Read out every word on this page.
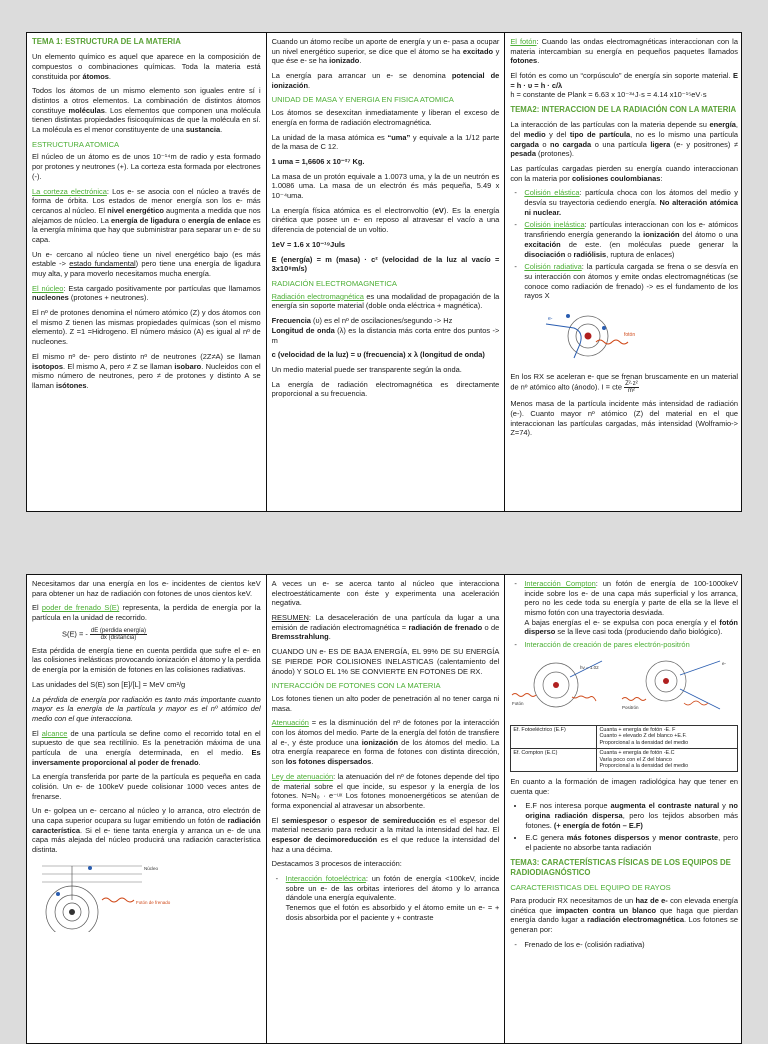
TEMA 1: ESTRUCTURA DE LA MATERIA

Un elemento químico es aquel que aparece en la composición de compuestos o combinaciones químicas. Toda la materia está constituida por átomos.

Todos los átomos de un mismo elemento son iguales entre sí i distintos a otros elementos. La combinación de distintos átomos constituye moléculas. Los elementos que componen una molécula tienen distintas propiedades fisicoquímicas de que la molécula en sí. La molécula es el menor constituyente de una sustancia.

ESTRUCTURA ATOMICA

El núcleo de un átomo es de unos 10⁻¹⁴m de radio y esta formado por protones y neutrones (+). La corteza esta formada por electrones (-).

La corteza electrónica: Los e- se asocia con el núcleo a través de forma de órbita. Los estados de menor energía son los e- más cercanos al núcleo. El nivel energético augmenta a medida que nos alejamos de núcleo. La energía de ligadura o energía de enlace es la energía mínima que hay que subministrar para separar un e- de su capa.

Un e- cercano al núcleo tiene un nivel energético bajo (es más estable -> estado fundamental) pero tiene una energía de ligadura muy alta, y para moverlo necesitamos mucha energía.

El núcleo: Esta cargado positivamente por partículas que llamamos nucleones (protones + neutrones).

El nº de protones denomina el número atómico (Z) y dos átomos con el mismo Z tienen las mismas propiedades químicas (son el mismo elemento). Z =1 =Hidrogeno. El número másico (A) es igual al nº de nucleones.

El mismo nº de- pero distinto nº de neutrones (2Z≠A) se llaman isotopos. El mismo A, pero ≠ Z se llaman isobaro. Nucleidos con el mismo número de neutrones, pero ≠ de protones y distinto A se llaman isótones.

Cuando un átomo recibe un aporte de energía y un e- pasa a ocupar un nivel energético superior, se dice que el átomo se ha excitado y que ése e- se ha ionizado.

La energía para arrancar un e- se denomina potencial de ionización.

UNIDAD DE MASA Y ENERGIA EN FISICA ATOMICA

Los átomos se desexcitan inmediatamente y liberan el exceso de energía en forma de radiación electromagnética.

La unidad de la masa atómica es “uma” y equivale a la 1/12 parte de la masa de C 12.

1 uma = 1,6606 x 10⁻²⁷ Kg.

La masa de un protón equivale a 1.0073 uma, y la de un neutrón es 1.0086 uma. La masa de un electrón és más pequeña, 5.49 x 10⁻⁴uma.

La energía física atómica es el electronvoltio (eV). Es la energía cinética que posee un e- en reposo al atravesar el vacío a una diferencia de potencial de un voltio.

1eV = 1.6 x 10⁻¹⁹Juls

E (energía) = m (masa) · c² (velocidad de la luz al vacío = 3x10⁸m/s)

RADIACIÓN ELECTROMAGNETICA

Radiación electromagnética es una modalidad de propagación de la energía sin soporte material (doble onda eléctrica + magnética).

Frecuencia (υ) es el nº de oscilaciones/segundo -> Hz
Longitud de onda (λ) es la distancia más corta entre dos puntos -> m

c (velocidad de la luz) = υ (frecuencia) x λ (longitud de onda)

Un medio material puede ser transparente según la onda.

La energía de radiación electromagnética es directamente proporcional a su frecuencia.

El fotón: Cuando las ondas electromagnéticas interaccionan con la materia intercambian su energía en pequeños paquetes llamados fotones.

El fotón es como un “corpúsculo” de energía sin soporte material. E = h · υ = h · c/λ
h = constante de Plank = 6.63 x 10⁻³⁴J·s = 4.14 x10⁻¹⁵eV·s

TEMA2: INTERACCION DE LA RADIACIÓN CON LA MATERIA

La interacción de las partículas con la materia depende su energía, del medio y del tipo de partícula, no es lo mismo una partícula cargada o no cargada o una partícula ligera (e- y positrones) ≠ pesada (protones).

Las partículas cargadas pierden su energía cuando interaccionan con la materia por colisiones coulombianas:

- Colisión elástica: partícula choca con los átomos del medio y desvía su trayectoria cediendo energía. No alteración atómica ni nuclear.
- Colisión inelástica: partículas interaccionan con los e- atómicos transfiriendo energía generando la ionización del átomo o una excitación de este. (en moléculas puede generar la disociación o radiólisis, ruptura de enlaces)
- Colisión radiativa: la partícula cargada se frena o se desvía en su interacción con átomos y emite ondas electromagnéticas (se conoce como radiación de frenado) -> es el fundamento de los rayos X
fotón
e-

En los RX se aceleran e- que se frenan bruscamente en un material de nº atómico alto (ánodo). I = cte $\frac{\text{Z²·z²}}{\text{m²}}$

Menos masa de la partícula incidente más intensidad de radiación (e-). Cuanto mayor nº atómico (Z) del material en el que interaccionan las partículas cargadas, más intensidad (Wolframio-> Z=74).

Necesitamos dar una energía en los e- incidentes de cientos keV para obtener un haz de radiación con fotones de unos cientos keV.

El poder de frenado S(E) representa, la perdida de energía por la partícula en la unidad de recorrido.

S(E) = - $\frac{\text{dE (perdida energía)}}{\text{dx (distancia)}}$

Esta pérdida de energía tiene en cuenta perdida que sufre el e- en las colisiones inelásticas provocando ionización el átomo y la perdida de energía por la emisión de fotones en las colisiones radiativas.

Las unidades del S(E) son [E]/[L] = MeV cm²/g

La pérdida de energía por radiación es tanto más importante cuanto mayor es la energía de la partícula y mayor es el nº atómico del medio con el que interacciona.

El alcance de una partícula se define como el recorrido total en el supuesto de que sea rectilínio. Es la penetración máxima de una partícula de una energía determinada, en el medio. Es inversamente proporcional al poder de frenado.

La energía transferida por parte de la partícula es pequeña en cada colisión. Un e- de 100keV puede colisionar 1000 veces antes de frenarse.

Un e- golpea un e- cercano al núcleo y lo arranca, otro electrón de una capa superior ocupara su lugar emitiendo un fotón de radiación característica. Si el e- tiene tanta energía y arranca un e- de una capa más alejada del núcleo producirá una radiación característica distinta.

Núcleo
Fotón de frenado

A veces un e- se acerca tanto al núcleo que interacciona electroestáticamente con éste y experimenta una aceleración negativa.

RESUMEN: La desaceleración de una partícula da lugar a una emisión de radiación electromagnética = radiación de frenado o de Bremsstrahlung.

CUANDO UN e- ES DE BAJA ENERGÍA, EL 99% DE SU ENERGÍA SE PIERDE POR COLISIONES INELASTICAS (calentamiento del ánodo) Y SOLO EL 1% SE CONVIERTE EN FOTONES DE RX.

INTERACCIÓN DE FOTONES CON LA MATERIA

Los fotones tienen un alto poder de penetración al no tener carga ni masa.

Atenuación = es la disminución del nº de fotones por la interacción con los átomos del medio. Parte de la energía del fotón de transfiere al e-, y éste produce una ionización de los átomos del medio. La otra energía reaparece en forma de fotones con distinta dirección, son los fotones dispersados.

Ley de atenuación: la atenuación del nº de fotones depende del tipo de material sobre el que incide, su espesor y la energía de los fotones. N=N₀ · e⁻ᵘˣ Los fotones monoenergéticos se atenúan de forma exponencial al atravesar un absorbente.

El semiespesor o espesor de semireducción es el espesor del material necesario para reducir a la mitad la intensidad del haz. El espesor de decimoreducción es el que reduce la intensidad del haz a una décima.

Destacamos 3 procesos de interacción:

- Interacción fotoeléctrica: un fotón de energía <100keV, incide sobre un e- de las orbitas interiores del átomo y lo arranca dándole una energía equivalente.
Tenemos que el fotón es absorbido y el átomo emite un e- = + dosis absorbida por el paciente y + contraste
- Interacción Compton: un fotón de energía de 100-1000keV incide sobre los e- de una capa más superficial y los arranca, pero no les cede toda su energía y parte de ella se la lleve el mismo fotón con una trayectoria desviada.
A bajas energías el e- se expulsa con poca energía y el fotón disperso se la lleve casi toda (produciendo daño biológico).
- Interacción de creación de pares electrón-positrón
Fotón
hν = 1.02
Positrón
e-
Ef. Fotoeléctrico (E.F)	Cuanta + energía de fotón -E. F
Cuanto + elevado Z del blanco +E.F.
Proporcional a la densidad del medio
Ef. Compton (E.C)	Cuanta + energía de fotón -E.C
Varía poco con el Z del blanco
Proporcional a la densidad del medio

En cuanto a la formación de imagen radiológica hay que tener en cuenta que:

• E.F nos interesa porque augmenta el contraste natural y no origina radiación dispersa, pero los tejidos absorben más fotones. (+ energía de fotón – E.F)
• E.C genera más fotones dispersos y menor contraste, pero el paciente no absorbe tanta radiación
TEMA3: CARACTERÍSTICAS FÍSICAS DE LOS EQUIPOS DE RADIODIAGNÓSTICO

CARACTERISTICAS DEL EQUIPO DE RAYOS

Para producir RX necesitamos de un haz de e- con elevada energía cinética que impacten contra un blanco que haga que pierdan energía dando lugar a radiación electromagnética. Los fotones se generan por:

- Frenado de los e- (colisión radiativa)
